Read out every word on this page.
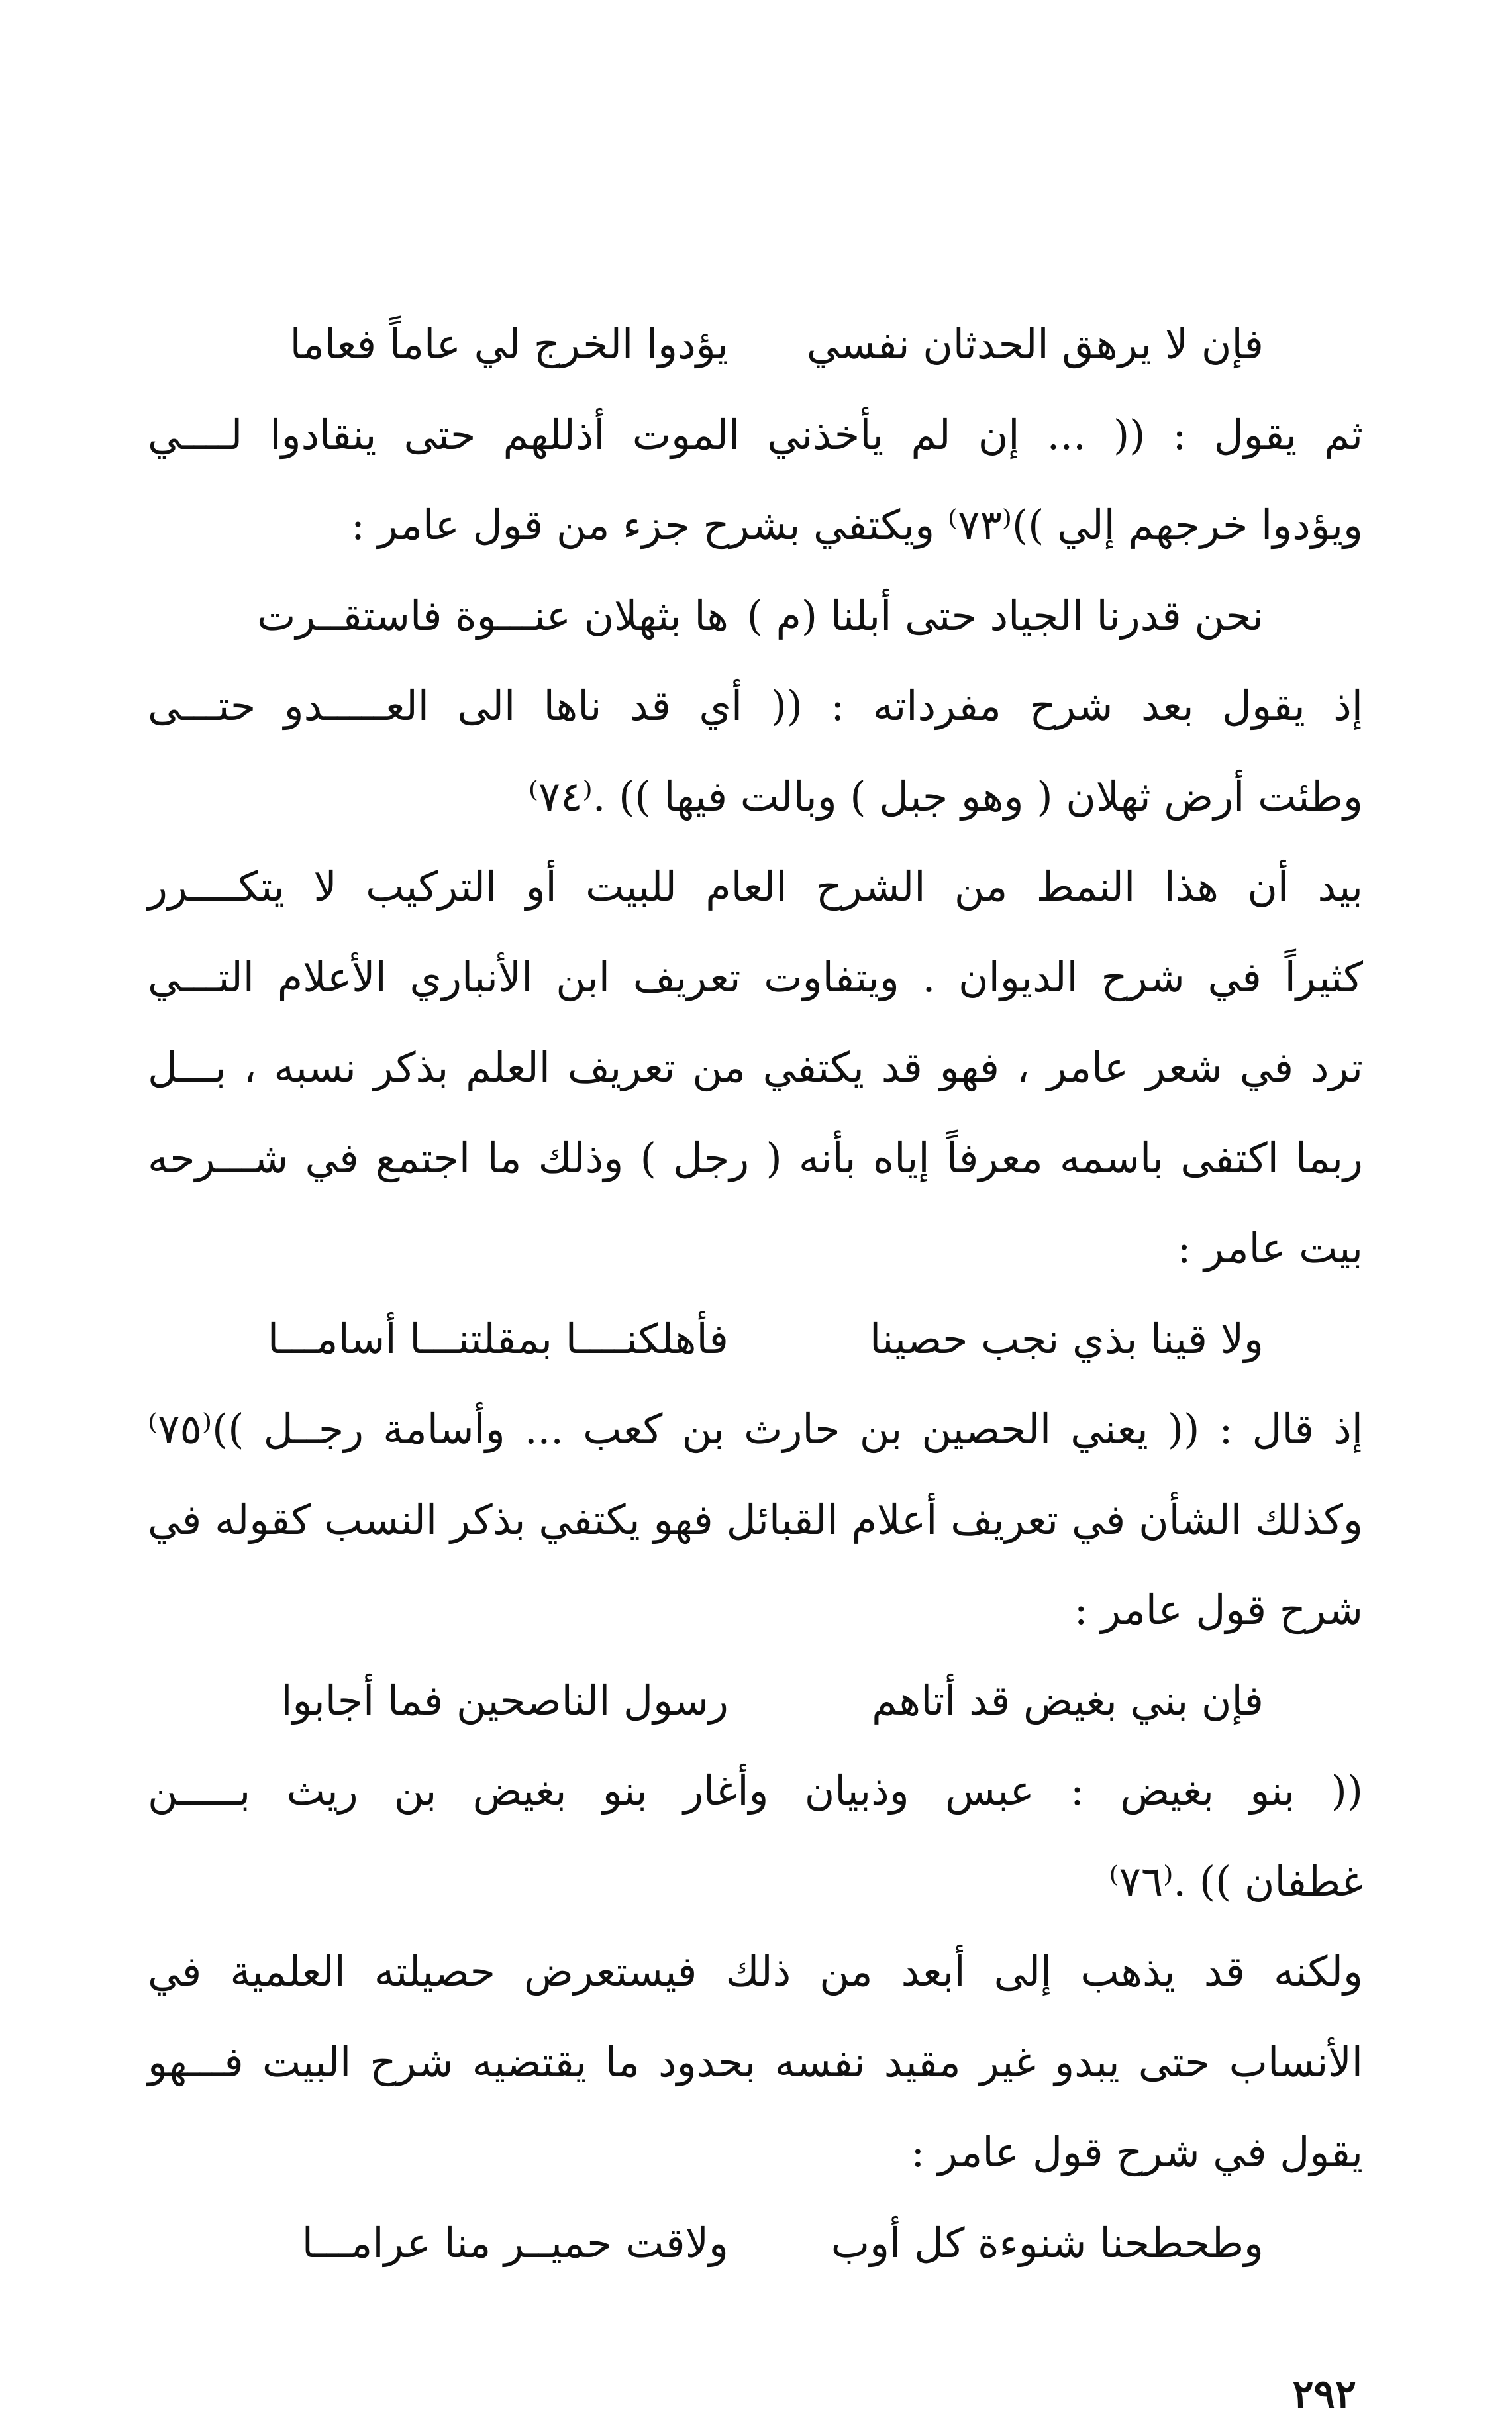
فإن لا يرهق الحدثان نفسي
يؤدوا الخرج لي عاماً فعاما
ثم يقول : (( ... إن لم يأخذني الموت أذللهم حتى ينقادوا لــــي
ويؤدوا خرجهم إلي ))⁽٧٣⁾ ويكتفي بشرح جزء من قول عامر :
نحن قدرنا الجياد حتى أبلنا (م )
ها بثهلان عنـــوة فاستقــرت
إذ يقول بعد شرح مفرداته : (( أي قد ناها الى العـــــدو حتـــى
وطئت أرض ثهلان ( وهو جبل ) وبالت فيها )) .⁽٧٤⁾
بيد أن هذا النمط من الشرح العام للبيت أو التركيب لا يتكــــرر
كثيراً في شرح الديوان . ويتفاوت تعريف ابن الأنباري الأعلام التـــي
ترد في شعر عامر ، فهو قد يكتفي من تعريف العلم بذكر نسبه ، بـــل
ربما اكتفى باسمه معرفاً إياه بأنه ( رجل ) وذلك ما اجتمع في شـــرحه
بيت عامر :
ولا قينا بذي نجب حصينا
فأهلكنــــا بمقلتنـــا أسامـــا
إذ قال : (( يعني الحصين بن حارث بن كعب ... وأسامة رجــل ))⁽٧٥⁾
وكذلك الشأن في تعريف أعلام القبائل فهو يكتفي بذكر النسب كقوله في
شرح قول عامر :
فإن بني بغيض قد أتاهم
رسول الناصحين فما أجابوا
(( بنو بغيض : عبس وذبيان وأغار بنو بغيض بن ريث بـــــن
غطفان )) .⁽٧٦⁾
ولكنه قد يذهب إلى أبعد من ذلك فيستعرض حصيلته العلمية في
الأنساب حتى يبدو غير مقيد نفسه بحدود ما يقتضيه شرح البيت فـــهو
يقول في شرح قول عامر :
وطحطحنا شنوءة كل أوب
ولاقت حميــر منا عرامـــا
٢٩٢
